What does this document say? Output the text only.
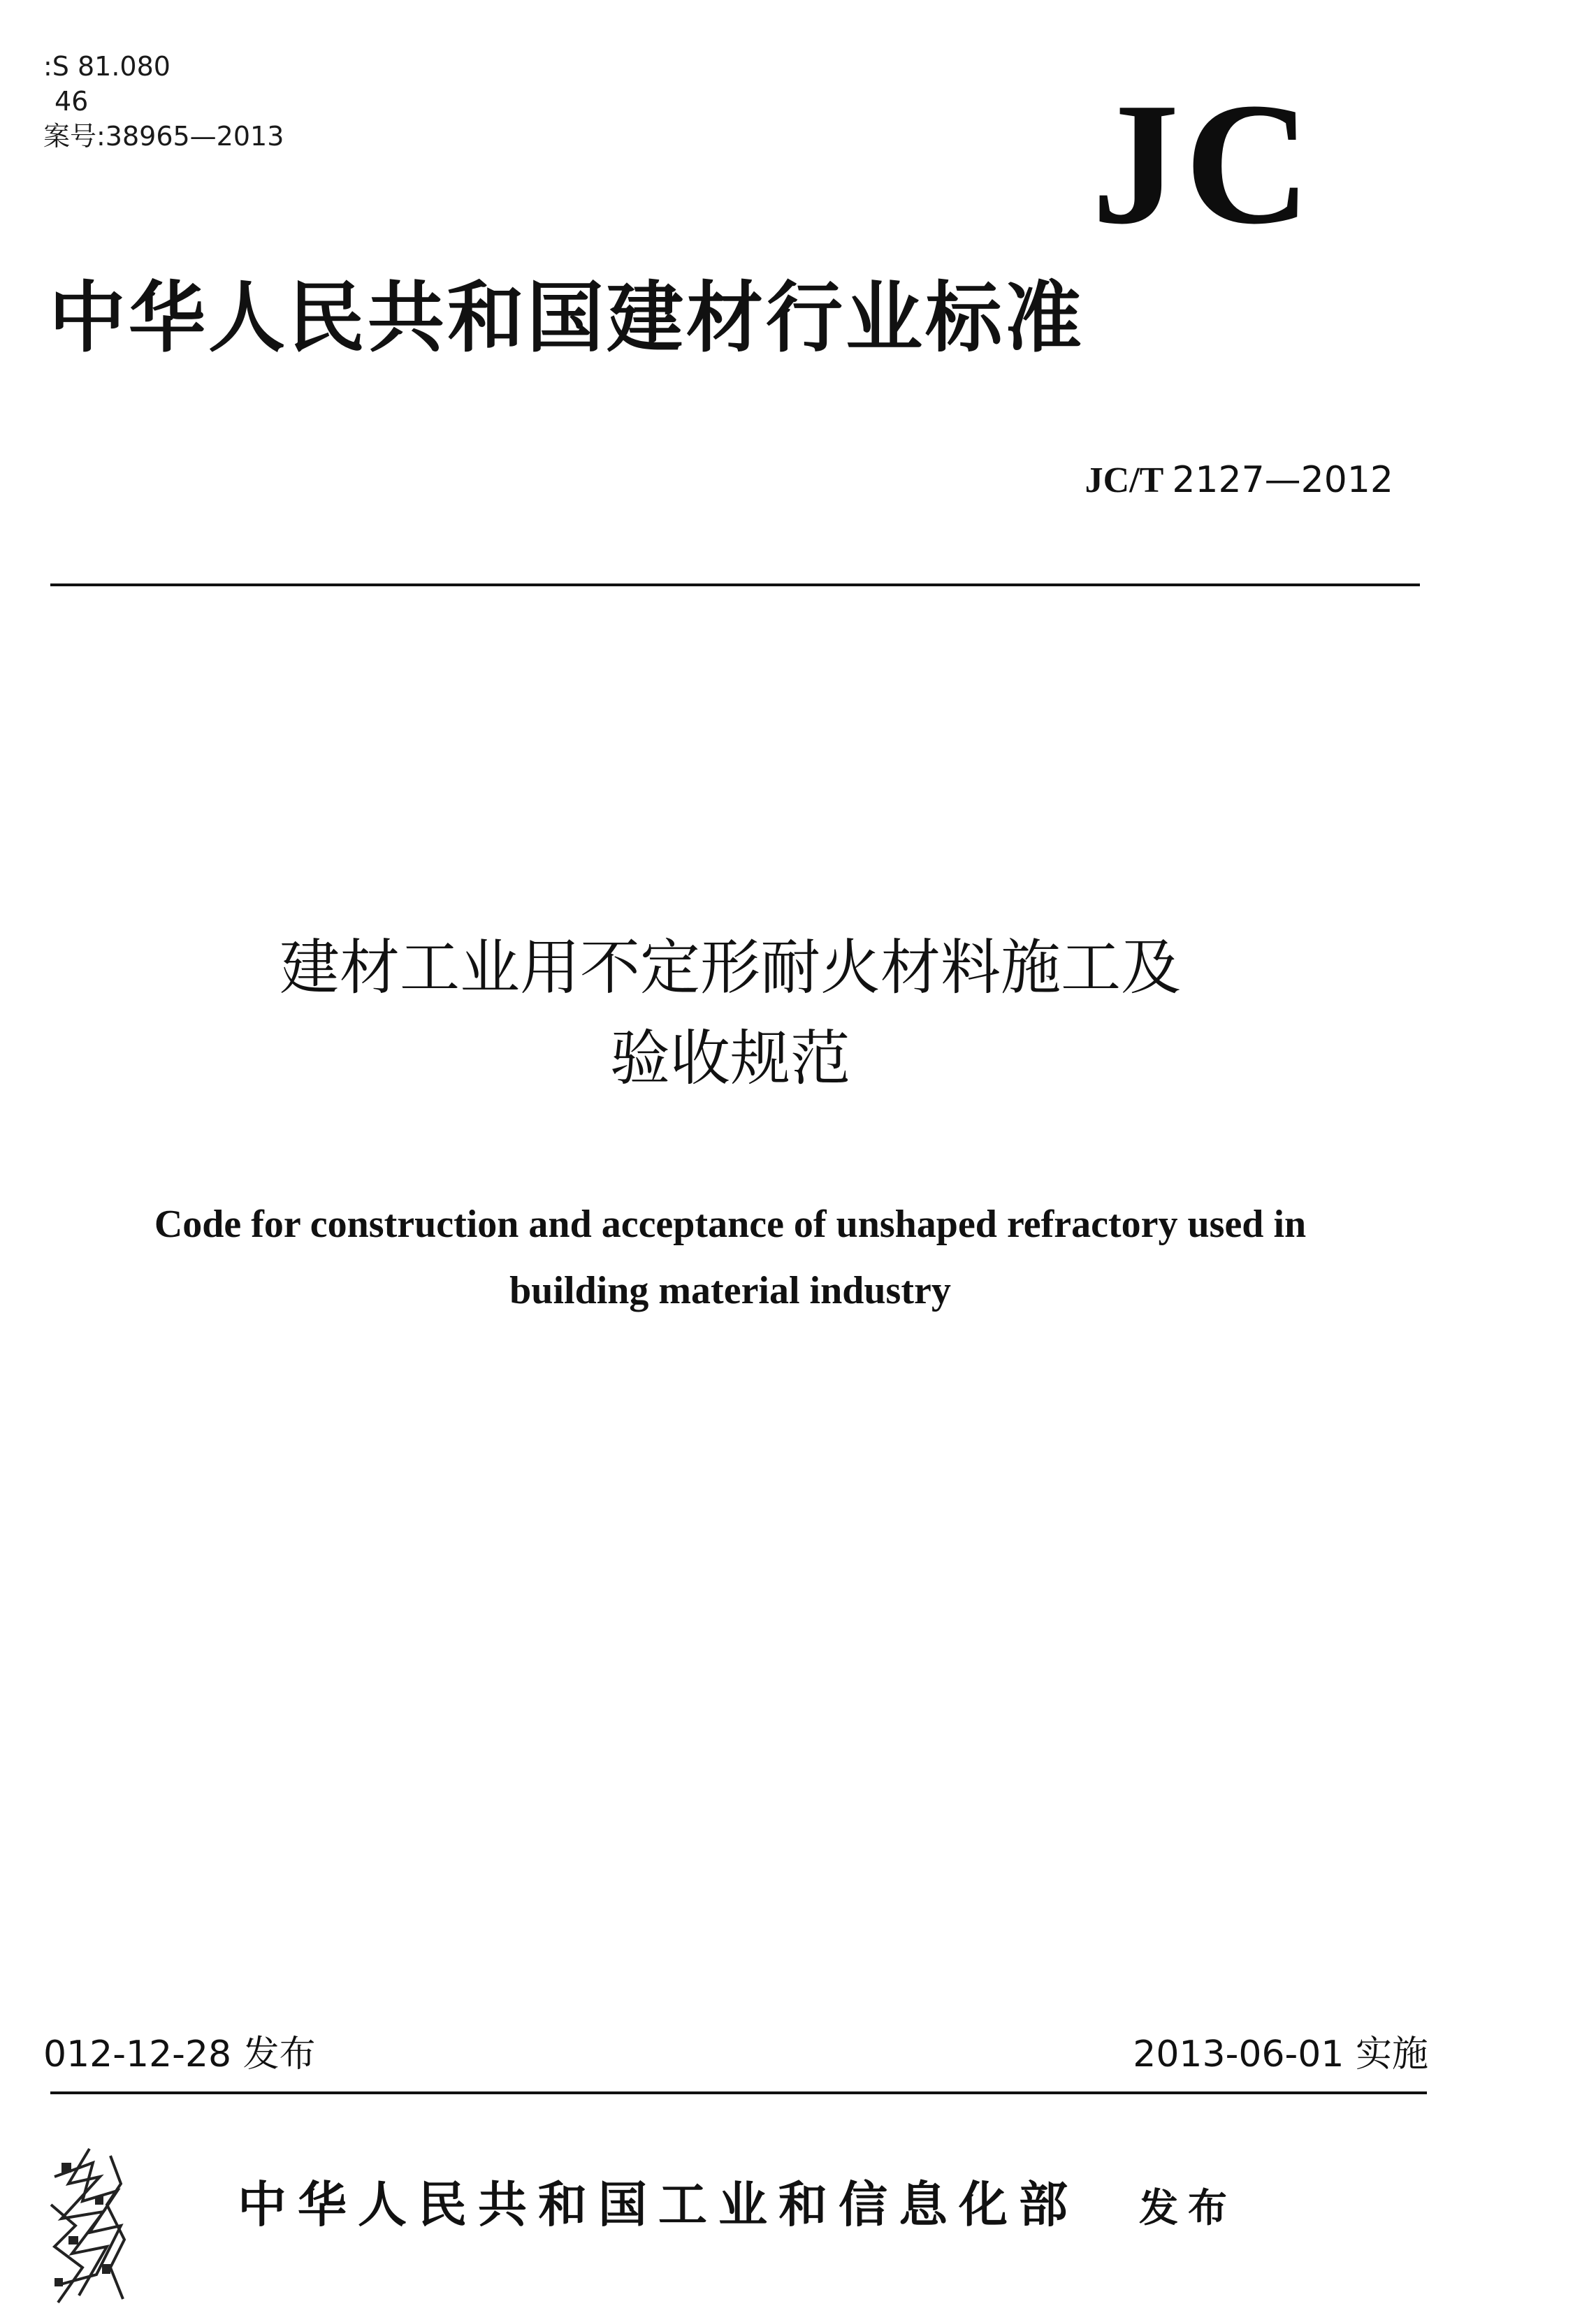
:S 81.080
46
案号:38965—2013	JC
中华人民共和国建材行业标准
JC/T 2127—2012
建材工业用不定形耐火材料施工及
验收规范
Code for construction and acceptance of unshaped refractory used in
building material industry
012-12-28 发布	2013-06-01 实施
中华人民共和国工业和信息化部 发布
